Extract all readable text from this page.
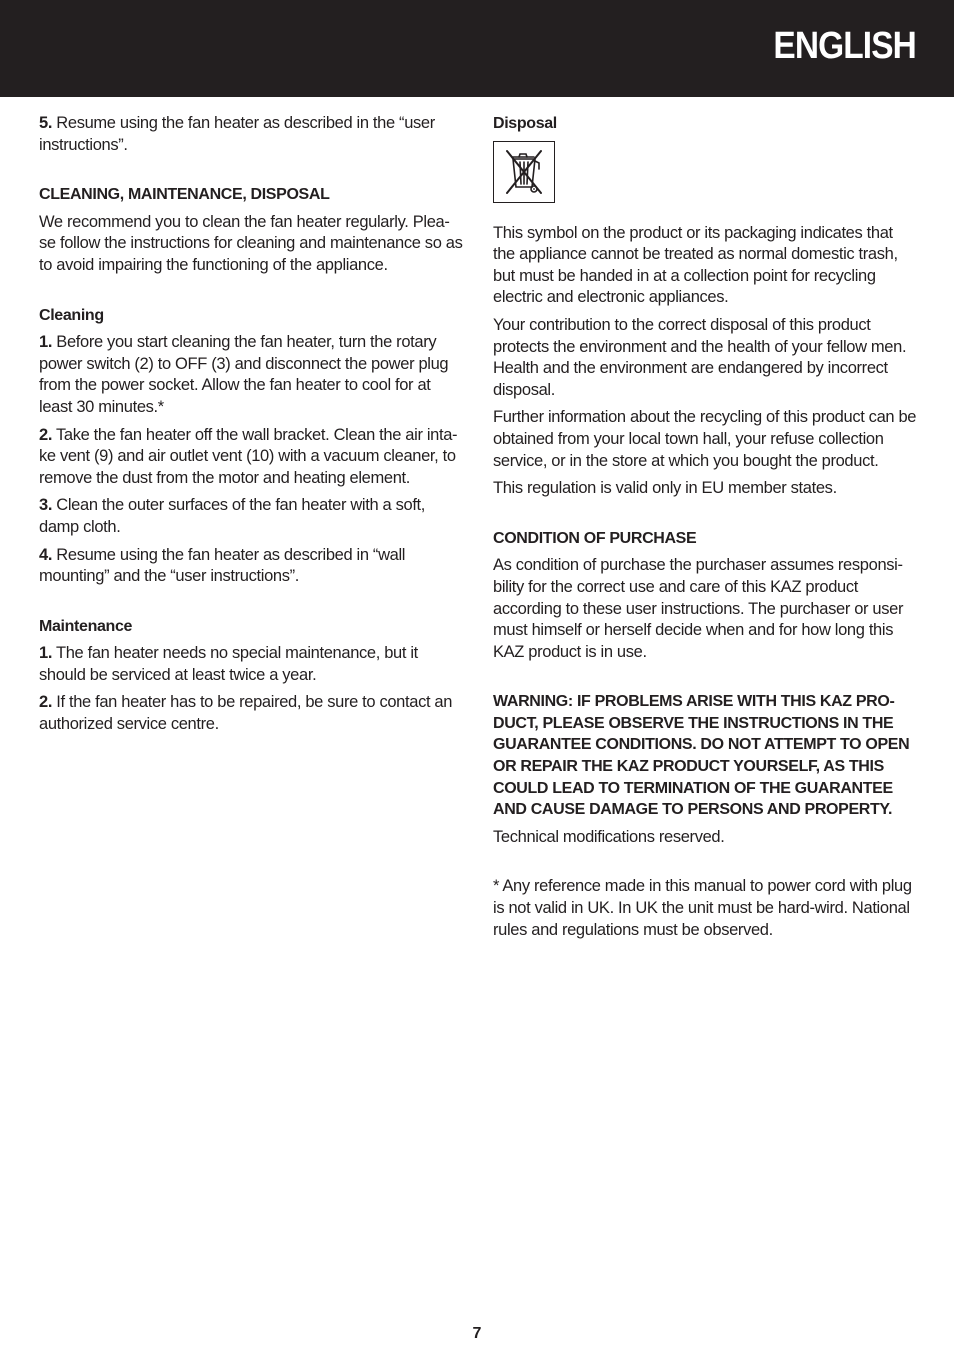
ENGLISH

5. Resume using the fan heater as described in the “user instructions”.

CLEANING, MAINTENANCE, DISPOSAL

We recommend you to clean the fan heater regularly. Plea-se follow the instructions for cleaning and maintenance so as to avoid impairing the functioning of the appliance.

Cleaning

1. Before you start cleaning the fan heater, turn the rotary power switch (2) to OFF (3) and disconnect the power plug from the power socket. Allow the fan heater to cool for at least 30 minutes.*

2. Take the fan heater off the wall bracket. Clean the air inta-ke vent (9) and air outlet vent (10) with a vacuum cleaner, to remove the dust from the motor and heating element.

3. Clean the outer surfaces of the fan heater with a soft, damp cloth.

4. Resume using the fan heater as described in “wall mounting” and the “user instructions”.

Maintenance

1. The fan heater needs no special maintenance, but it should be serviced at least twice a year.

2. If the fan heater has to be repaired, be sure to contact an authorized service centre.

Disposal

This symbol on the product or its packaging indicates that the appliance cannot be treated as normal domestic trash, but must be handed in at a collection point for recycling electric and electronic appliances.

Your contribution to the correct disposal of this product protects the environment and the health of your fellow men. Health and the environment are endangered by incorrect disposal.

Further information about the recycling of this product can be obtained from your local town hall, your refuse collection service, or in the store at which you bought the product.

This regulation is valid only in EU member states.

CONDITION OF PURCHASE

As condition of purchase the purchaser assumes responsi-bility for the correct use and care of this KAZ product according to these user instructions. The purchaser or user must himself or herself decide when and for how long this KAZ product is in use.

WARNING: IF PROBLEMS ARISE WITH THIS KAZ PRO-DUCT, PLEASE OBSERVE THE INSTRUCTIONS IN THE GUARANTEE CONDITIONS. DO NOT ATTEMPT TO OPEN OR REPAIR THE KAZ PRODUCT YOURSELF, AS THIS COULD LEAD TO TERMINATION OF THE GUARANTEE AND CAUSE DAMAGE TO PERSONS AND PROPERTY.

Technical modifications reserved.

* Any reference made in this manual to power cord with plug is not valid in UK. In UK the unit must be hard-wird. National rules and regulations must be observed.

7
